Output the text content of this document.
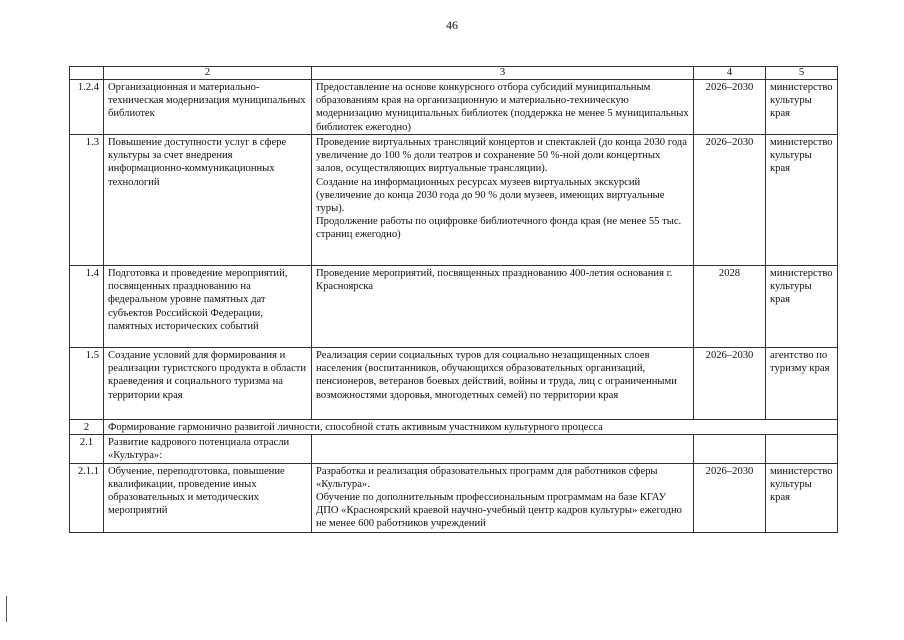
46
	2	3	4	5
1.2.4	Организационная и материально-техническая модернизация муниципальных библиотек	Предоставление на основе конкурсного отбора субсидий муниципальным образованиям края на организационную и материально-техническую модернизацию муниципальных библиотек (поддержка не менее 5 муниципальных библиотек ежегодно)	2026–2030	министерство культуры края
1.3	Повышение доступности услуг в сфере культуры за счет внедрения информационно-коммуникационных технологий	Проведение виртуальных трансляций концертов и спектаклей (до конца 2030 года увеличение до 100 % доли театров и сохранение 50 %-ной доли концертных залов, осуществляющих виртуальные трансляции).
Создание на информационных ресурсах музеев виртуальных экскурсий (увеличение до конца 2030 года до 90 % доли музеев, имеющих виртуальные туры).
Продолжение работы по оцифровке библиотечного фонда края (не менее 55 тыс. страниц ежегодно)	2026–2030	министерство культуры края
1.4	Подготовка и проведение мероприятий, посвященных празднованию на федеральном уровне памятных дат субъектов Российской Федерации, памятных исторических событий	Проведение мероприятий, посвященных празднованию 400-летия основания г. Красноярска	2028	министерство культуры края
1.5	Создание условий для формирования и реализации туристского продукта в области краеведения и социального туризма на территории края	Реализация серии социальных туров для социально незащищенных слоев населения (воспитанников, обучающихся образовательных организаций, пенсионеров, ветеранов боевых действий, войны и труда, лиц с ограниченными возможностями здоровья, многодетных семей) по территории края	2026–2030	агентство по туризму края
2	Формирование гармонично развитой личности, способной стать активным участником культурного процесса			
2.1	Развитие кадрового потенциала отрасли «Культура»:			
2.1.1	Обучение, переподготовка, повышение квалификации, проведение иных образовательных и методических мероприятий	Разработка и реализация образовательных программ для работников сферы «Культура».
Обучение по дополнительным профессиональным программам на базе КГАУ ДПО «Красноярский краевой научно-учебный центр кадров культуры» ежегодно не менее 600 работников учреждений	2026–2030	министерство культуры края
